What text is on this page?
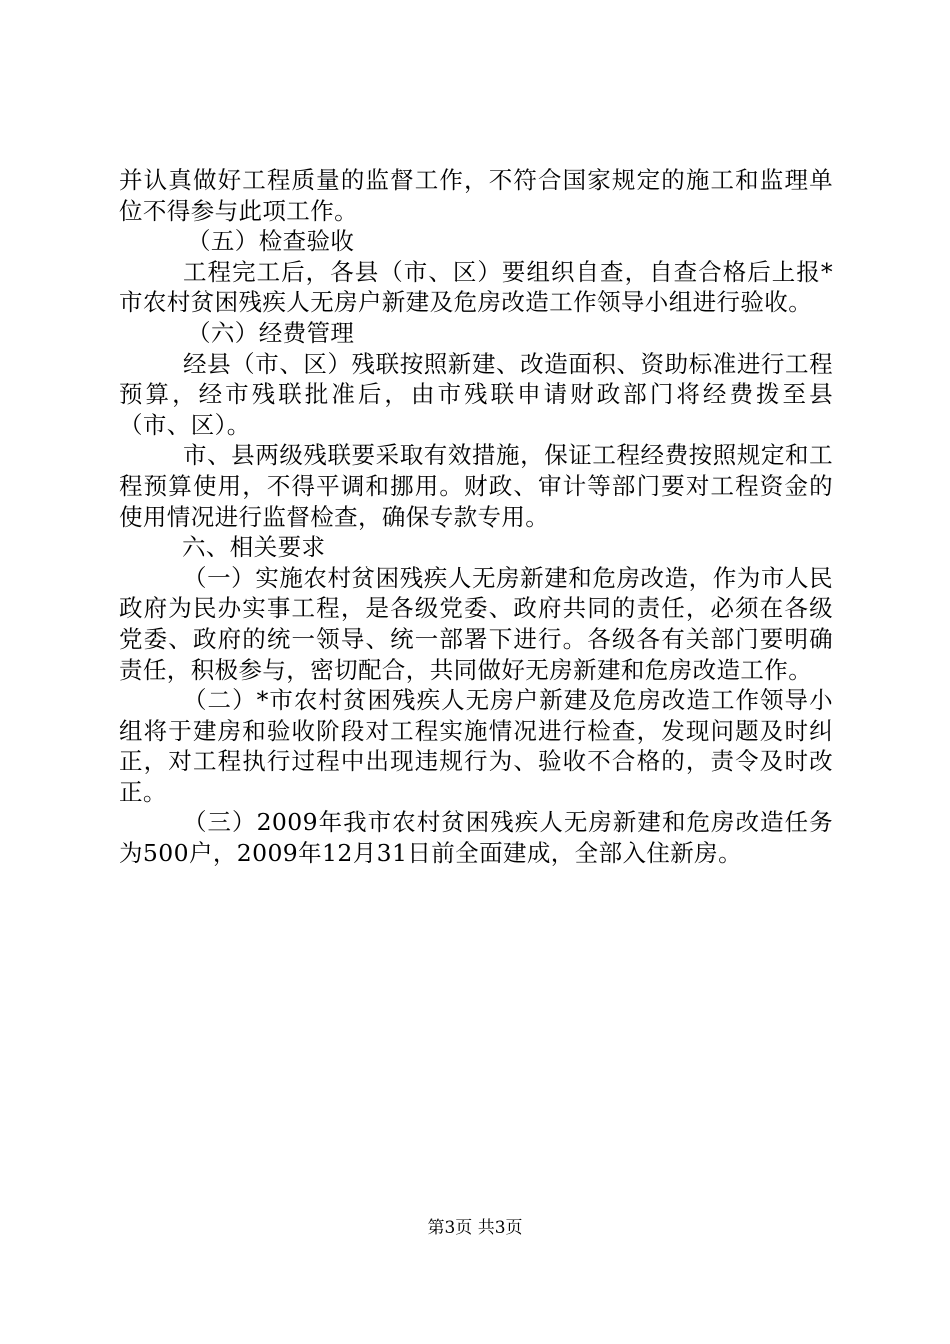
并认真做好工程质量的监督工作，不符合国家规定的施工和监理单位不得参与此项工作。

（五）检查验收

工程完工后，各县（市、区）要组织自查，自查合格后上报*市农村贫困残疾人无房户新建及危房改造工作领导小组进行验收。

（六）经费管理

经县（市、区）残联按照新建、改造面积、资助标准进行工程预算，经市残联批准后，由市残联申请财政部门将经费拨至县（市、区）。

市、县两级残联要采取有效措施，保证工程经费按照规定和工程预算使用，不得平调和挪用。财政、审计等部门要对工程资金的使用情况进行监督检查，确保专款专用。

六、相关要求

（一）实施农村贫困残疾人无房新建和危房改造，作为市人民政府为民办实事工程，是各级党委、政府共同的责任，必须在各级党委、政府的统一领导、统一部署下进行。各级各有关部门要明确责任，积极参与，密切配合，共同做好无房新建和危房改造工作。

（二）*市农村贫困残疾人无房户新建及危房改造工作领导小组将于建房和验收阶段对工程实施情况进行检查，发现问题及时纠正，对工程执行过程中出现违规行为、验收不合格的，责令及时改正。

（三）2009年我市农村贫困残疾人无房新建和危房改造任务为500户，2009年12月31日前全面建成，全部入住新房。

第3页 共3页
